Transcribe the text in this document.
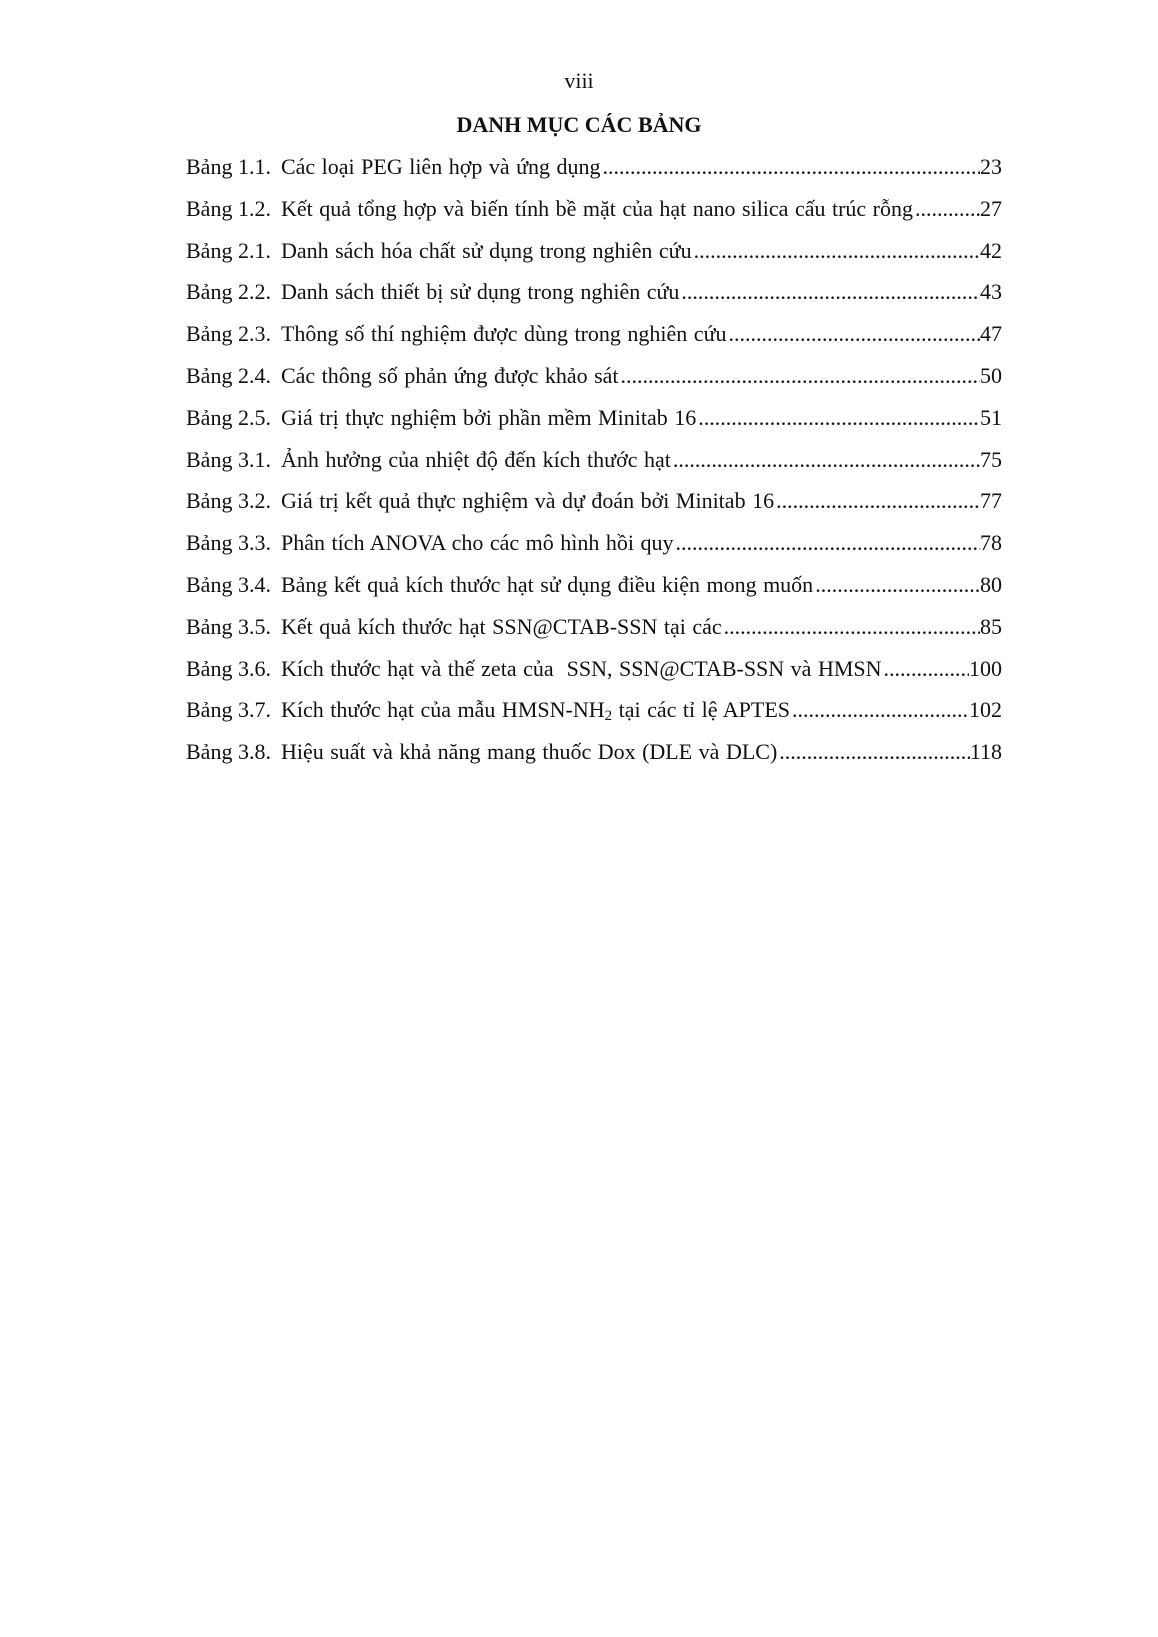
viii
DANH MỤC CÁC BẢNG
Bảng 1.1. Các loại PEG liên hợp và ứng dụng .....	23
Bảng 1.2. Kết quả tổng hợp và biến tính bề mặt của hạt nano silica cấu trúc rỗng .....	27
Bảng 2.1. Danh sách hóa chất sử dụng trong nghiên cứu .....	42
Bảng 2.2. Danh sách thiết bị sử dụng trong nghiên cứu .....	43
Bảng 2.3. Thông số thí nghiệm được dùng trong nghiên cứu .....	47
Bảng 2.4. Các thông số phản ứng được khảo sát .....	50
Bảng 2.5. Giá trị thực nghiệm bởi phần mềm Minitab 16 .....	51
Bảng 3.1. Ảnh hưởng của nhiệt độ đến kích thước hạt .....	75
Bảng 3.2. Giá trị kết quả thực nghiệm và dự đoán bởi Minitab 16 .....	77
Bảng 3.3. Phân tích ANOVA cho các mô hình hồi quy .....	78
Bảng 3.4. Bảng kết quả kích thước hạt sử dụng điều kiện mong muốn .....	80
Bảng 3.5. Kết quả kích thước hạt SSN@CTAB-SSN tại các .....	85
Bảng 3.6. Kích thước hạt và thế zeta của  SSN, SSN@CTAB-SSN và HMSN .....	100
Bảng 3.7. Kích thước hạt của mẫu HMSN-$NH_2$ tại các tỉ lệ APTES .....	102
Bảng 3.8. Hiệu suất và khả năng mang thuốc Dox (DLE và DLC) .....	118
